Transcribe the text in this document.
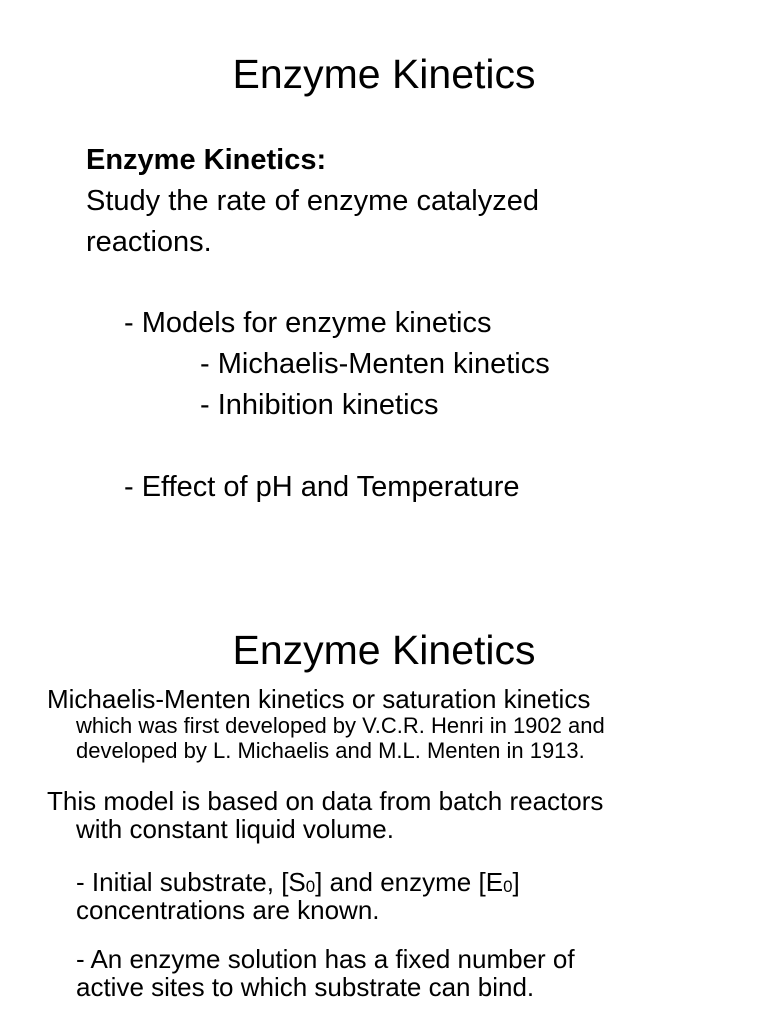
Enzyme Kinetics
Enzyme Kinetics:
Study the rate of enzyme catalyzed
reactions.
- Models for enzyme kinetics
- Michaelis-Menten kinetics
- Inhibition kinetics
- Effect of pH and Temperature
Enzyme Kinetics
Michaelis-Menten kinetics or saturation kinetics
which was first developed by V.C.R. Henri in 1902 and
developed by L. Michaelis and M.L. Menten in 1913.
This model is based on data from batch reactors
with constant liquid volume.
- Initial substrate, $[S_0]$ and enzyme $[E_0]$
concentrations are known.
- An enzyme solution has a fixed number of
active sites to which substrate can bind.
